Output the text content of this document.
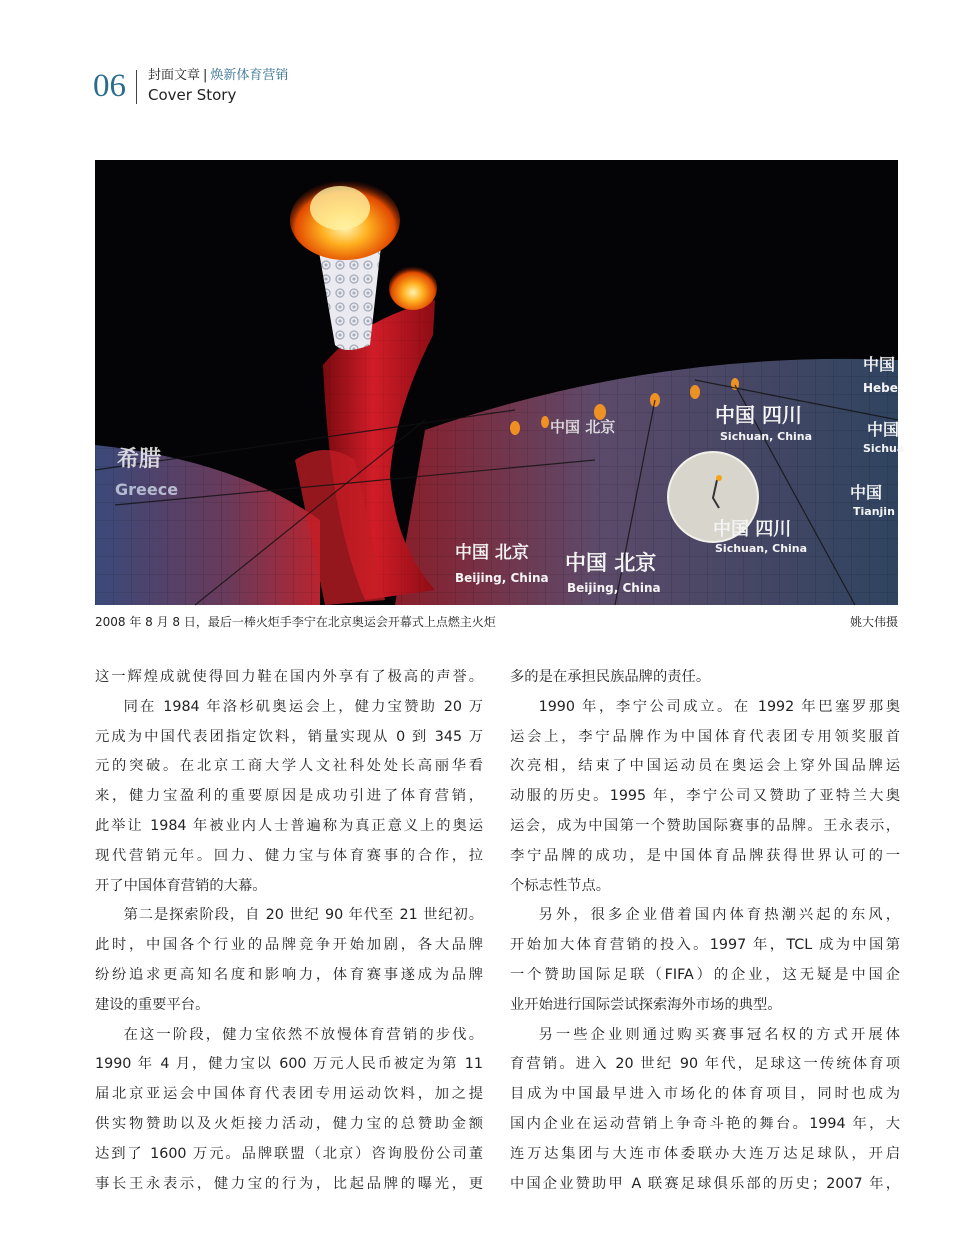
06 封面文章 | 焕新体育营销
Cover Story
希腊
Greece
中国 北京
Beijing, China
中国 北京
Beijing, China
中国 北京	中国 四川
Sichuan, China
中国 四川
Sichuan, China
中国
Hebe
中国
Sichua
中国
Tianjin
2008 年 8 月 8 日，最后一棒火炬手李宁在北京奥运会开幕式上点燃主火炬	姚大伟摄

这一辉煌成就使得回力鞋在国内外享有了极高的声誉。

同在 1984 年洛杉矶奥运会上，健力宝赞助 20 万

元成为中国代表团指定饮料，销量实现从 0 到 345 万

元的突破。在北京工商大学人文社科处处长高丽华看

来，健力宝盈利的重要原因是成功引进了体育营销，

此举让 1984 年被业内人士普遍称为真正意义上的奥运

现代营销元年。回力、健力宝与体育赛事的合作，拉

开了中国体育营销的大幕。

第二是探索阶段，自 20 世纪 90 年代至 21 世纪初。

此时，中国各个行业的品牌竞争开始加剧，各大品牌

纷纷追求更高知名度和影响力，体育赛事遂成为品牌

建设的重要平台。

在这一阶段，健力宝依然不放慢体育营销的步伐。

1990 年 4 月，健力宝以 600 万元人民币被定为第 11

届北京亚运会中国体育代表团专用运动饮料，加之提

供实物赞助以及火炬接力活动，健力宝的总赞助金额

达到了 1600 万元。品牌联盟（北京）咨询股份公司董

事长王永表示，健力宝的行为，比起品牌的曝光，更

多的是在承担民族品牌的责任。

1990 年，李宁公司成立。在 1992 年巴塞罗那奥

运会上，李宁品牌作为中国体育代表团专用领奖服首

次亮相，结束了中国运动员在奥运会上穿外国品牌运

动服的历史。1995 年，李宁公司又赞助了亚特兰大奥

运会，成为中国第一个赞助国际赛事的品牌。王永表示，

李宁品牌的成功，是中国体育品牌获得世界认可的一

个标志性节点。

另外，很多企业借着国内体育热潮兴起的东风，

开始加大体育营销的投入。1997 年，TCL 成为中国第

一个赞助国际足联（FIFA）的企业，这无疑是中国企

业开始进行国际尝试探索海外市场的典型。

另一些企业则通过购买赛事冠名权的方式开展体

育营销。进入 20 世纪 90 年代，足球这一传统体育项

目成为中国最早进入市场化的体育项目，同时也成为

国内企业在运动营销上争奇斗艳的舞台。1994 年，大

连万达集团与大连市体委联办大连万达足球队，开启

中国企业赞助甲 A 联赛足球俱乐部的历史；2007 年，
